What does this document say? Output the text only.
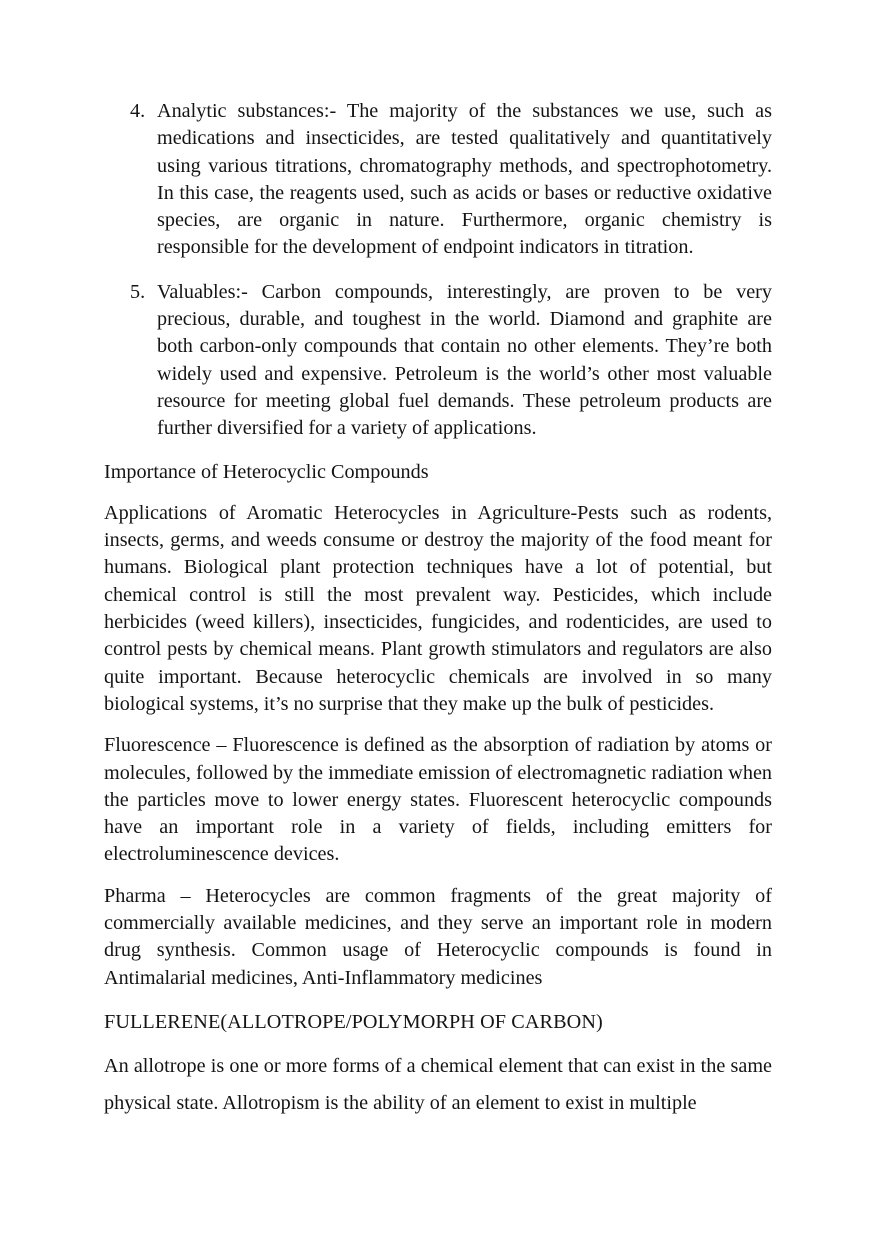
4. Analytic substances:- The majority of the substances we use, such as medications and insecticides, are tested qualitatively and quantitatively using various titrations, chromatography methods, and spectrophotometry. In this case, the reagents used, such as acids or bases or reductive oxidative species, are organic in nature. Furthermore, organic chemistry is responsible for the development of endpoint indicators in titration.
5. Valuables:- Carbon compounds, interestingly, are proven to be very precious, durable, and toughest in the world. Diamond and graphite are both carbon-only compounds that contain no other elements. They’re both widely used and expensive. Petroleum is the world’s other most valuable resource for meeting global fuel demands. These petroleum products are further diversified for a variety of applications.
Importance of Heterocyclic Compounds

Applications of Aromatic Heterocycles in Agriculture-Pests such as rodents, insects, germs, and weeds consume or destroy the majority of the food meant for humans. Biological plant protection techniques have a lot of potential, but chemical control is still the most prevalent way. Pesticides, which include herbicides (weed killers), insecticides, fungicides, and rodenticides, are used to control pests by chemical means. Plant growth stimulators and regulators are also quite important. Because heterocyclic chemicals are involved in so many biological systems, it’s no surprise that they make up the bulk of pesticides.

Fluorescence – Fluorescence is defined as the absorption of radiation by atoms or molecules, followed by the immediate emission of electromagnetic radiation when the particles move to lower energy states. Fluorescent heterocyclic compounds have an important role in a variety of fields, including emitters for electroluminescence devices.

Pharma – Heterocycles are common fragments of the great majority of commercially available medicines, and they serve an important role in modern drug synthesis. Common usage of Heterocyclic compounds is found in Antimalarial medicines, Anti-Inflammatory medicines

FULLERENE(ALLOTROPE/POLYMORPH OF CARBON)

An allotrope is one or more forms of a chemical element that can exist in the same physical state. Allotropism is the ability of an element to exist in multiple
